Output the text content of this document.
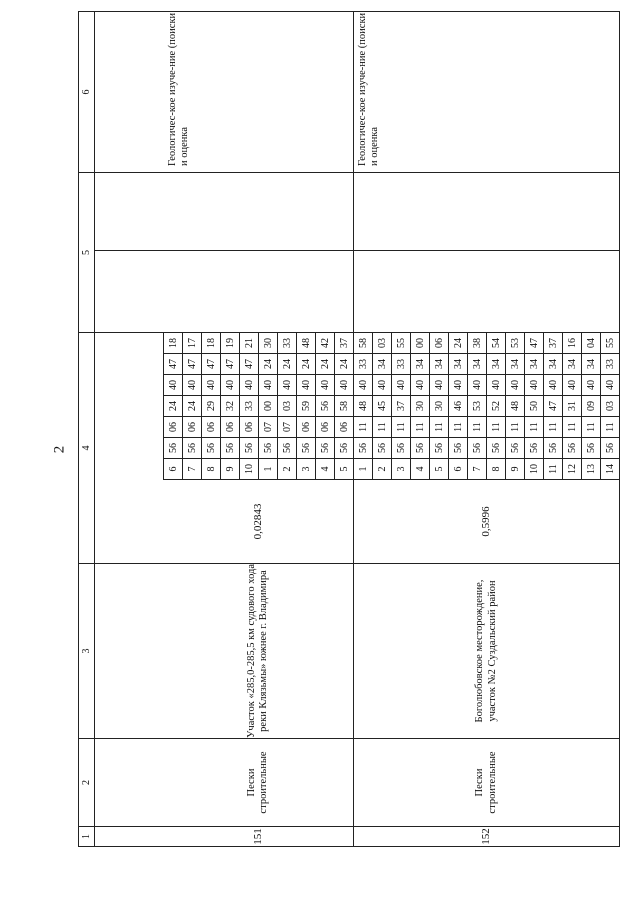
2
1	2	3	4								5		6

151	Пески строительные	Участок «285,0-285,5 км судового хода реки Клязьмы» южнее г. Владимира	0,02843	6	56	06	24	40	47	18			Геологичес-кое изуче-ние (поиски и оценка
				7	56	06	24	40	47	17			
				8	56	06	29	40	47	18			
				9	56	06	32	40	47	19			
				10	56	06	33	40	47	21			
				1	56	07	00	40	24	30			
				2	56	07	03	40	24	33			
				3	56	06	59	40	24	48			
				4	56	06	56	40	24	42			
				5	56	06	58	40	24	37			
152	Пески строительные	Боголюбовское месторождение, участок №2 Суздальский район	0,5996	1	56	11	48	40	33	58			Геологичес-кое изуче-ние (поиски и оценка
				2	56	11	45	40	34	03			
				3	56	11	37	40	33	55			
				4	56	11	30	40	34	00			
				5	56	11	30	40	34	06			
				6	56	11	46	40	34	24			
				7	56	11	53	40	34	38			
				8	56	11	52	40	34	54			
				9	56	11	48	40	34	53			
				10	56	11	50	40	34	47			
				11	56	11	47	40	34	37			
				12	56	11	31	40	34	16			
				13	56	11	09	40	34	04			
				14	56	11	03	40	33	55			
